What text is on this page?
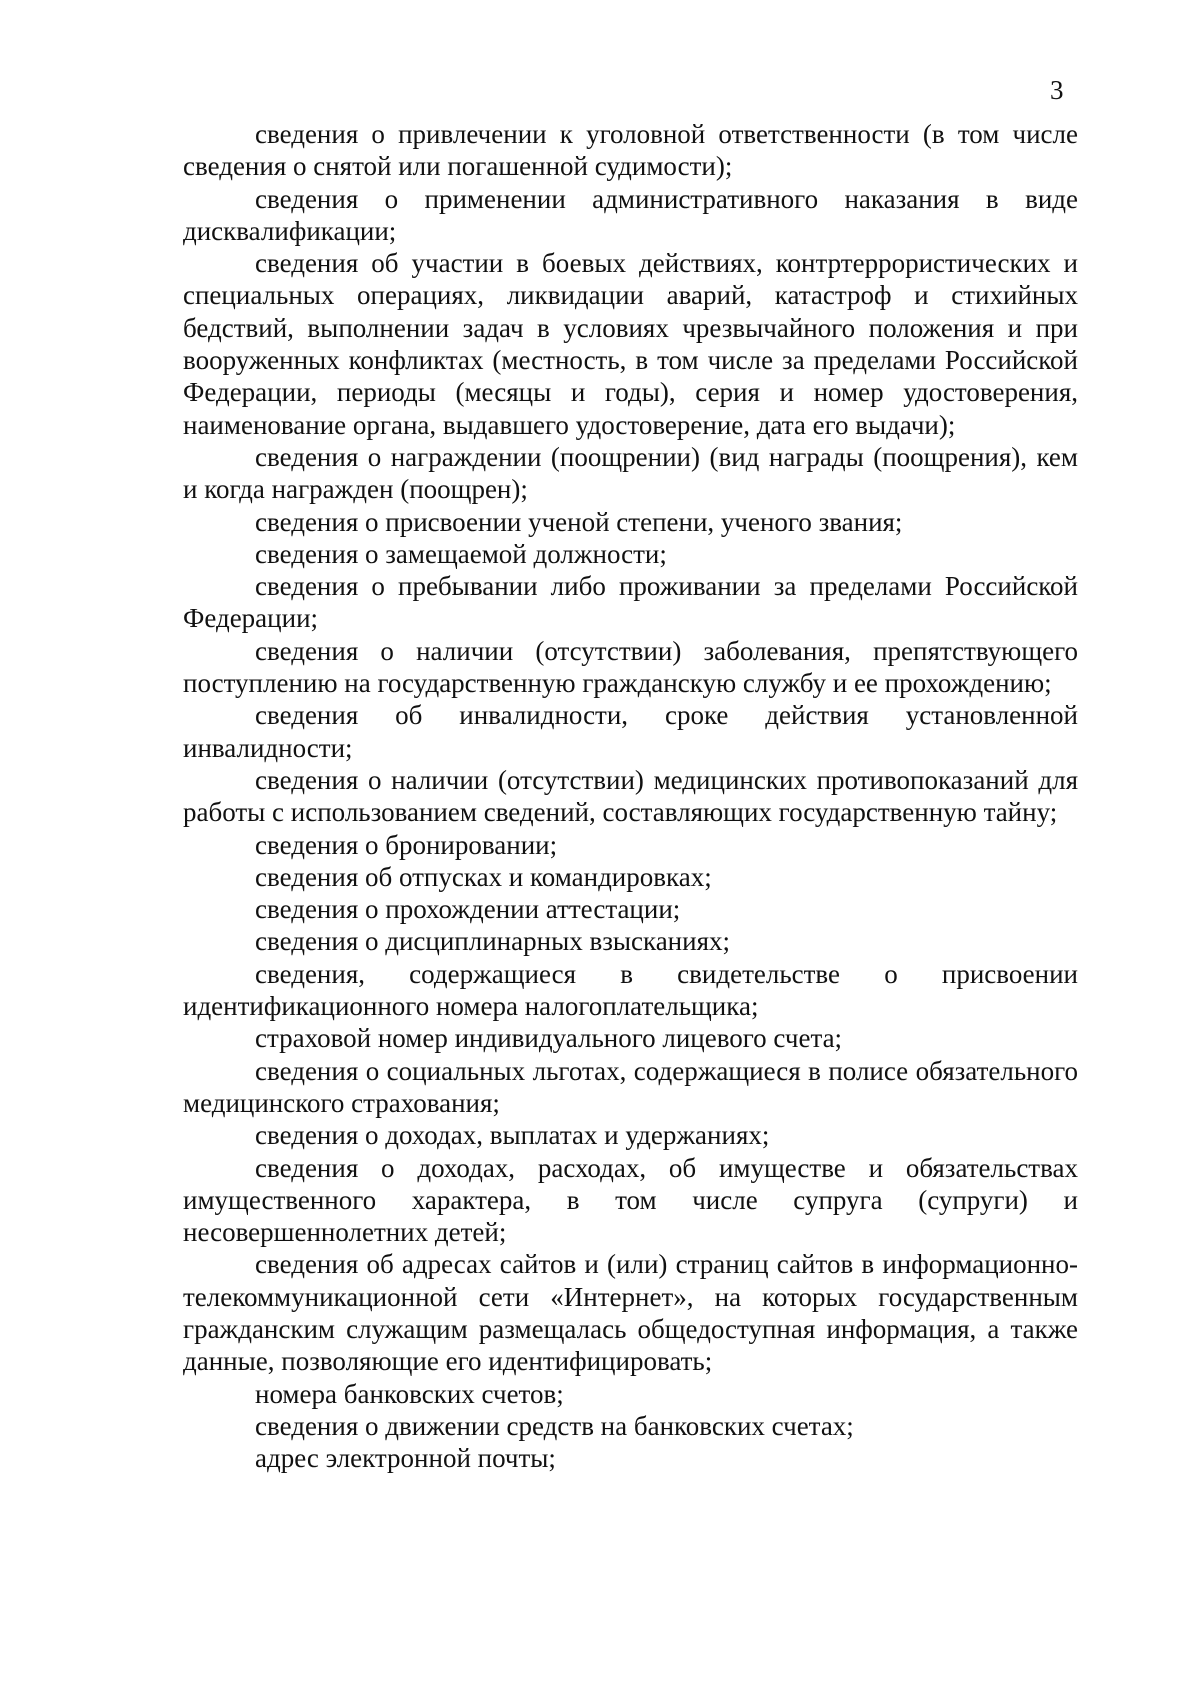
3

сведения о привлечении к уголовной ответственности (в том числе сведения о снятой или погашенной судимости);

сведения о применении административного наказания в виде дисквалификации;

сведения об участии в боевых действиях, контртеррористических и специальных операциях, ликвидации аварий, катастроф и стихийных бедствий, выполнении задач в условиях чрезвычайного положения и при вооруженных конфликтах (местность, в том числе за пределами Российской Федерации, периоды (месяцы и годы), серия и номер удостоверения, наименование органа, выдавшего удостоверение, дата его выдачи);

сведения о награждении (поощрении) (вид награды (поощрения), кем и когда награжден (поощрен);

сведения о присвоении ученой степени, ученого звания;

сведения о замещаемой должности;

сведения о пребывании либо проживании за пределами Российской Федерации;

сведения о наличии (отсутствии) заболевания, препятствующего поступлению на государственную гражданскую службу и ее прохождению;

сведения об инвалидности, сроке действия установленной инвалидности;

сведения о наличии (отсутствии) медицинских противопоказаний для работы с использованием сведений, составляющих государственную тайну;

сведения о бронировании;

сведения об отпусках и командировках;

сведения о прохождении аттестации;

сведения о дисциплинарных взысканиях;

сведения, содержащиеся в свидетельстве о присвоении идентификационного номера налогоплательщика;

страховой номер индивидуального лицевого счета;

сведения о социальных льготах, содержащиеся в полисе обязательного медицинского страхования;

сведения о доходах, выплатах и удержаниях;

сведения о доходах, расходах, об имуществе и обязательствах имущественного характера, в том числе супруга (супруги) и несовершеннолетних детей;

сведения об адресах сайтов и (или) страниц сайтов в информационно-телекоммуникационной сети «Интернет», на которых государственным гражданским служащим размещалась общедоступная информация, а также данные, позволяющие его идентифицировать;

номера банковских счетов;

сведения о движении средств на банковских счетах;

адрес электронной почты;
